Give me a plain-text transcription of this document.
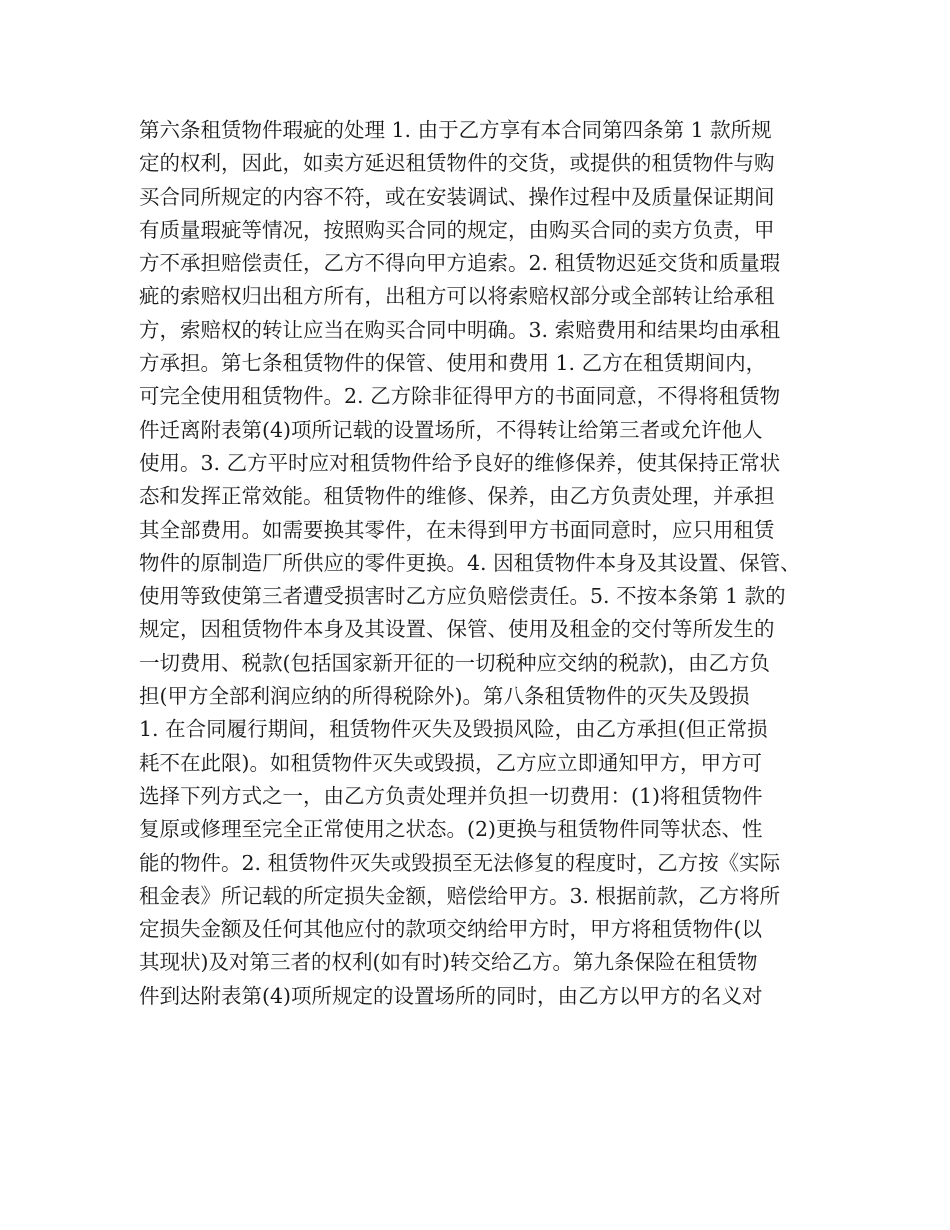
第六条租赁物件瑕疵的处理 1. 由于乙方享有本合同第四条第 1 款所规
定的权利，因此，如卖方延迟租赁物件的交货，或提供的租赁物件与购
买合同所规定的内容不符，或在安装调试、操作过程中及质量保证期间
有质量瑕疵等情况，按照购买合同的规定，由购买合同的卖方负责，甲
方不承担赔偿责任，乙方不得向甲方追索。2. 租赁物迟延交货和质量瑕
疵的索赔权归出租方所有，出租方可以将索赔权部分或全部转让给承租
方，索赔权的转让应当在购买合同中明确。3. 索赔费用和结果均由承租
方承担。第七条租赁物件的保管、使用和费用 1. 乙方在租赁期间内，
可完全使用租赁物件。2. 乙方除非征得甲方的书面同意，不得将租赁物
件迁离附表第(4)项所记载的设置场所，不得转让给第三者或允许他人
使用。3. 乙方平时应对租赁物件给予良好的维修保养，使其保持正常状
态和发挥正常效能。租赁物件的维修、保养，由乙方负责处理，并承担
其全部费用。如需要换其零件，在未得到甲方书面同意时，应只用租赁
物件的原制造厂所供应的零件更换。4. 因租赁物件本身及其设置、保管、
使用等致使第三者遭受损害时乙方应负赔偿责任。5. 不按本条第 1 款的
规定，因租赁物件本身及其设置、保管、使用及租金的交付等所发生的
一切费用、税款(包括国家新开征的一切税种应交纳的税款)，由乙方负
担(甲方全部利润应纳的所得税除外)。第八条租赁物件的灭失及毁损
1. 在合同履行期间，租赁物件灭失及毁损风险，由乙方承担(但正常损
耗不在此限)。如租赁物件灭失或毁损，乙方应立即通知甲方，甲方可
选择下列方式之一，由乙方负责处理并负担一切费用：(1)将租赁物件
复原或修理至完全正常使用之状态。(2)更换与租赁物件同等状态、性
能的物件。2. 租赁物件灭失或毁损至无法修复的程度时，乙方按《实际
租金表》所记载的所定损失金额，赔偿给甲方。3. 根据前款，乙方将所
定损失金额及任何其他应付的款项交纳给甲方时，甲方将租赁物件(以
其现状)及对第三者的权利(如有时)转交给乙方。第九条保险在租赁物
件到达附表第(4)项所规定的设置场所的同时，由乙方以甲方的名义对
